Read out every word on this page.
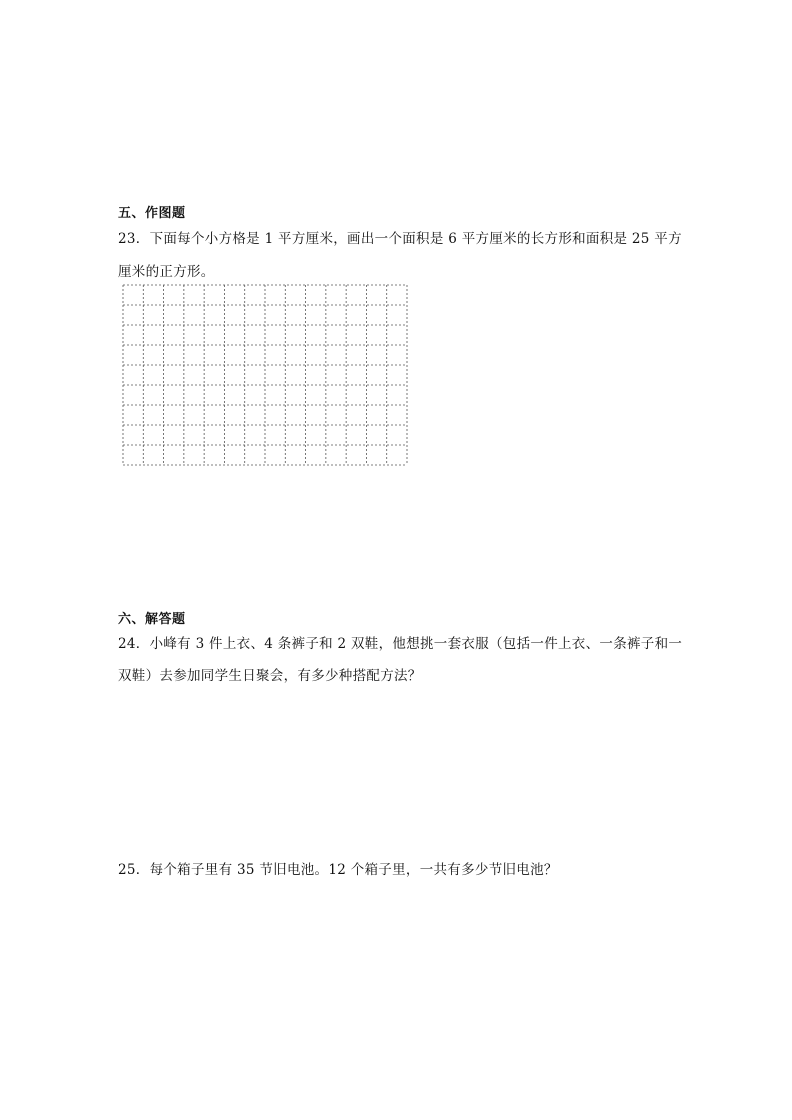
五、作图题
23．下面每个小方格是 1 平方厘米，画出一个面积是 6 平方厘米的长方形和面积是 25 平方
厘米的正方形。
六、解答题
24．小峰有 3 件上衣、4 条裤子和 2 双鞋，他想挑一套衣服（包括一件上衣、一条裤子和一
双鞋）去参加同学生日聚会，有多少种搭配方法？
25．每个箱子里有 35 节旧电池。12 个箱子里，一共有多少节旧电池？
